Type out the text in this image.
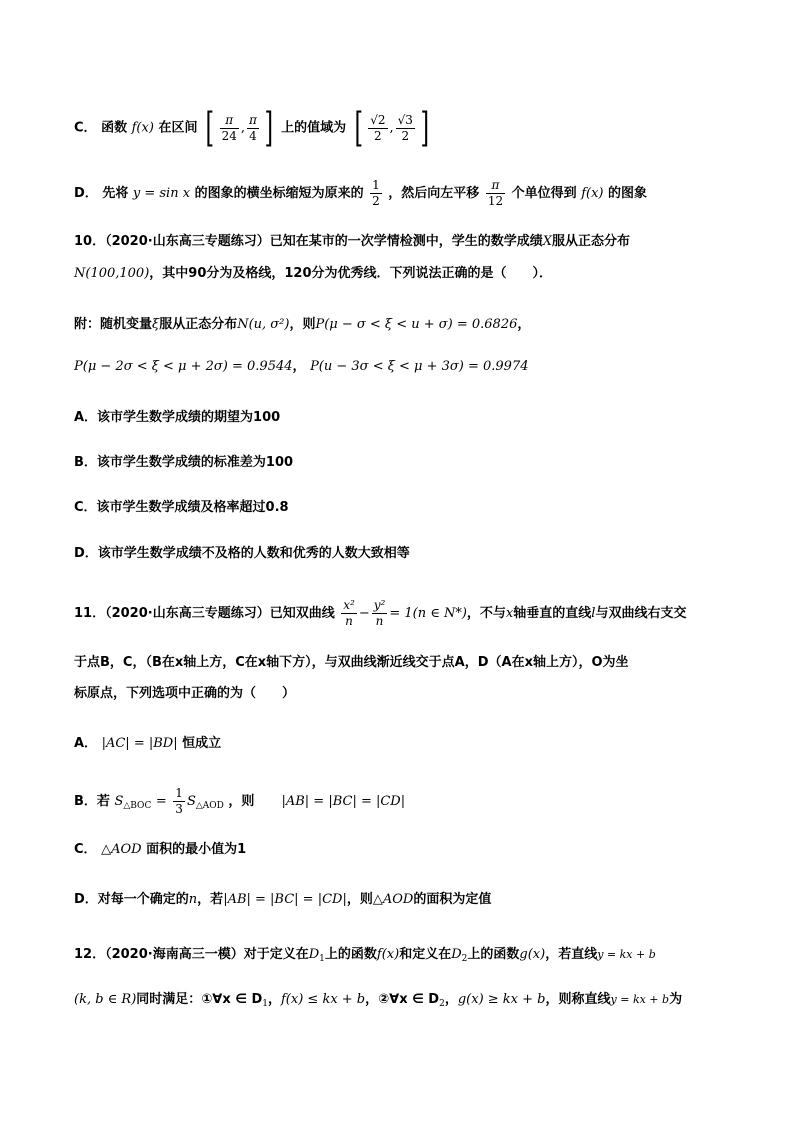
C． 函数 f(x) 在区间 [ $\frac{\pi}{24}$ , $\frac{\pi}{4}$ ] 上的值域为 [ $\frac{√2}{2}$ , $\frac{√3}{2}$ ]
D． 先将 y = sin x 的图象的横坐标缩短为原来的 $\frac{1}{2}$ ，然后向左平移 $\frac{\pi}{12}$ 个单位得到 f(x) 的图象
10．（2020·山东高三专题练习）已知在某市的一次学情检测中，学生的数学成绩X服从正态分布
N(100,100)，其中90分为及格线，120分为优秀线．下列说法正确的是（　　）．
附：随机变量ξ服从正态分布N(u, σ²)，则P(μ − σ < ξ < u + σ) = 0.6826，
P(μ − 2σ < ξ < μ + 2σ) = 0.9544， P(u − 3σ < ξ < μ + 3σ) = 0.9974
A．该市学生数学成绩的期望为100
B．该市学生数学成绩的标准差为100
C．该市学生数学成绩及格率超过0.8
D．该市学生数学成绩不及格的人数和优秀的人数大致相等
11．（2020·山东高三专题练习）已知双曲线 $\frac{\text{x²}}{n} - \frac{\text{y²}}{n} = 1(n$ ∈ N*)，不与x轴垂直的直线l与双曲线右支交
于点B，C，（B在x轴上方，C在x轴下方），与双曲线渐近线交于点A，D（A在x轴上方），O为坐
标原点，下列选项中正确的为（　　）
A． |AC| = |BD| 恒成立
B．若 $S_{\triangle BOC} = \frac{1}{3} S_{\triangle AOD}$ ，则 |AB| = |BC| = |CD|
C． △AOD 面积的最小值为1
D．对每一个确定的n，若|AB| = |BC| = |CD|，则△AOD的面积为定值
12．（2020·海南高三一模）对于定义在$D_1$上的函数f(x)和定义在$D_2$上的函数g(x)，若直线y = kx + b
(k, b ∈ R)同时满足：①∀x ∈ $D_1$，f(x) ≤ kx + b，②∀x ∈ $D_2$，g(x) ≥ kx + b，则称直线y = kx + b为
